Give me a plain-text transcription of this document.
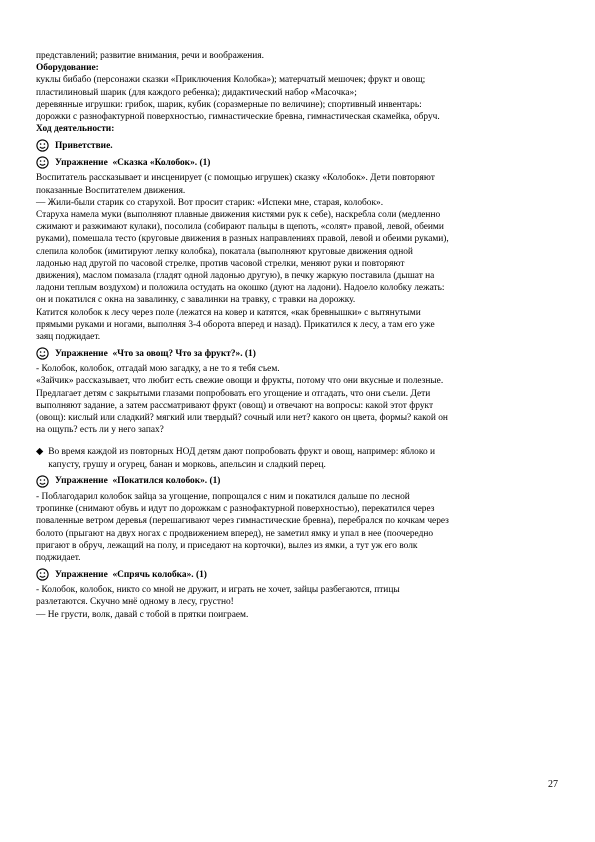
представлений; развитие внимания, речи и воображения.

Оборудование:

куклы бибабо (персонажи сказки «Приключения Колобка»); матерчатый мешочек; фрукт и овощ;

пластилиновый шарик (для каждого ребенка); дидактический набор «Масочка»;

деревянные игрушки: грибок, шарик, кубик (соразмерные по величине); спортивный инвентарь:

дорожки с разнофактурной поверхностью, гимнастические бревна, гимнастическая скамейка, обруч.

Ход деятельности:

Приветствие.
Упражнение
«Сказка «Колобок». (1)

Воспитатель рассказывает и инсценирует (с помощью игрушек) сказку «Колобок». Дети повторяют

показанные Воспитателем движения.

— Жили-были старик со старухой. Вот просит старик: «Испеки мне, старая, колобок».

Старуха намела муки (выполняют плавные движения кистями рук к себе), наскребла соли (медленно

сжимают и разжимают кулаки), посолила (собирают пальцы в щепоть, «солят» правой, левой, обеими

руками), помешала тесто (круговые движения в разных направлениях правой, левой и обеими руками),

слепила колобок (имитируют лепку колобка), покатала (выполняют круговые движения одной

ладонью над другой по часовой стрелке, против часовой стрелки, меняют руки и повторяют

движения), маслом помазала (гладят одной ладонью другую), в печку жаркую поставила (дышат на

ладони теплым воздухом) и положила остудать на окошко (дуют на ладони). Надоело колобку лежать:

он и покатился с окна на завалинку, с завалинки на травку, с травки на дорожку.

Катится колобок к лесу через поле (лежатся на ковер и катятся, «как бревнышки» с вытянутыми

прямыми руками и ногами, выполняя 3-4 оборота вперед и назад). Прикатился к лесу, а там его уже

заяц поджидает.

Упражнение
«Что за овощ? Что за фрукт?». (1)

- Колобок, колобок, отгадай мою загадку, а не то я тебя съем.

«Зайчик» рассказывает, что любит есть свежие овощи и фрукты, потому что они вкусные и полезные.

Предлагает детям с закрытыми глазами попробовать его угощение и отгадать, что они съели. Дети

выполняют задание, а затем рассматривают фрукт (овощ) и отвечают на вопросы: какой этот фрукт

(овощ): кислый или сладкий? мягкий или твердый? сочный или нет? какого он цвета, формы? какой он

на ощупь? есть ли у него запах?

◆ Во время каждой из повторных НОД детям дают попробовать фрукт и овощ, например: яблоко и

капусту, грушу и огурец, банан и морковь, апельсин и сладкий перец.

Упражнение
«Покатился колобок». (1)

- Поблагодарил колобок зайца за угощение, попрощался с ним и покатился дальше по лесной

тропинке (снимают обувь и идут по дорожкам с разнофактурной поверхностью), перекатился через

поваленные ветром деревья (перешагивают через гимнастические бревна), перебрался по кочкам через

болото (прыгают на двух ногах с продвижением вперед), не заметил ямку и упал в нее (поочередно

пригают в обруч, лежащий на полу, и приседают на корточки), вылез из ямки, а тут уж его волк

поджидает.

Упражнение
«Спрячь колобка». (1)

- Колобок, колобок, никто со мной не дружит, и играть не хочет, зайцы разбегаются, птицы

разлетаются. Скучно мнё одному в лесу, грустно!

— Не грусти, волк, давай с тобой в прятки поиграем.

27
